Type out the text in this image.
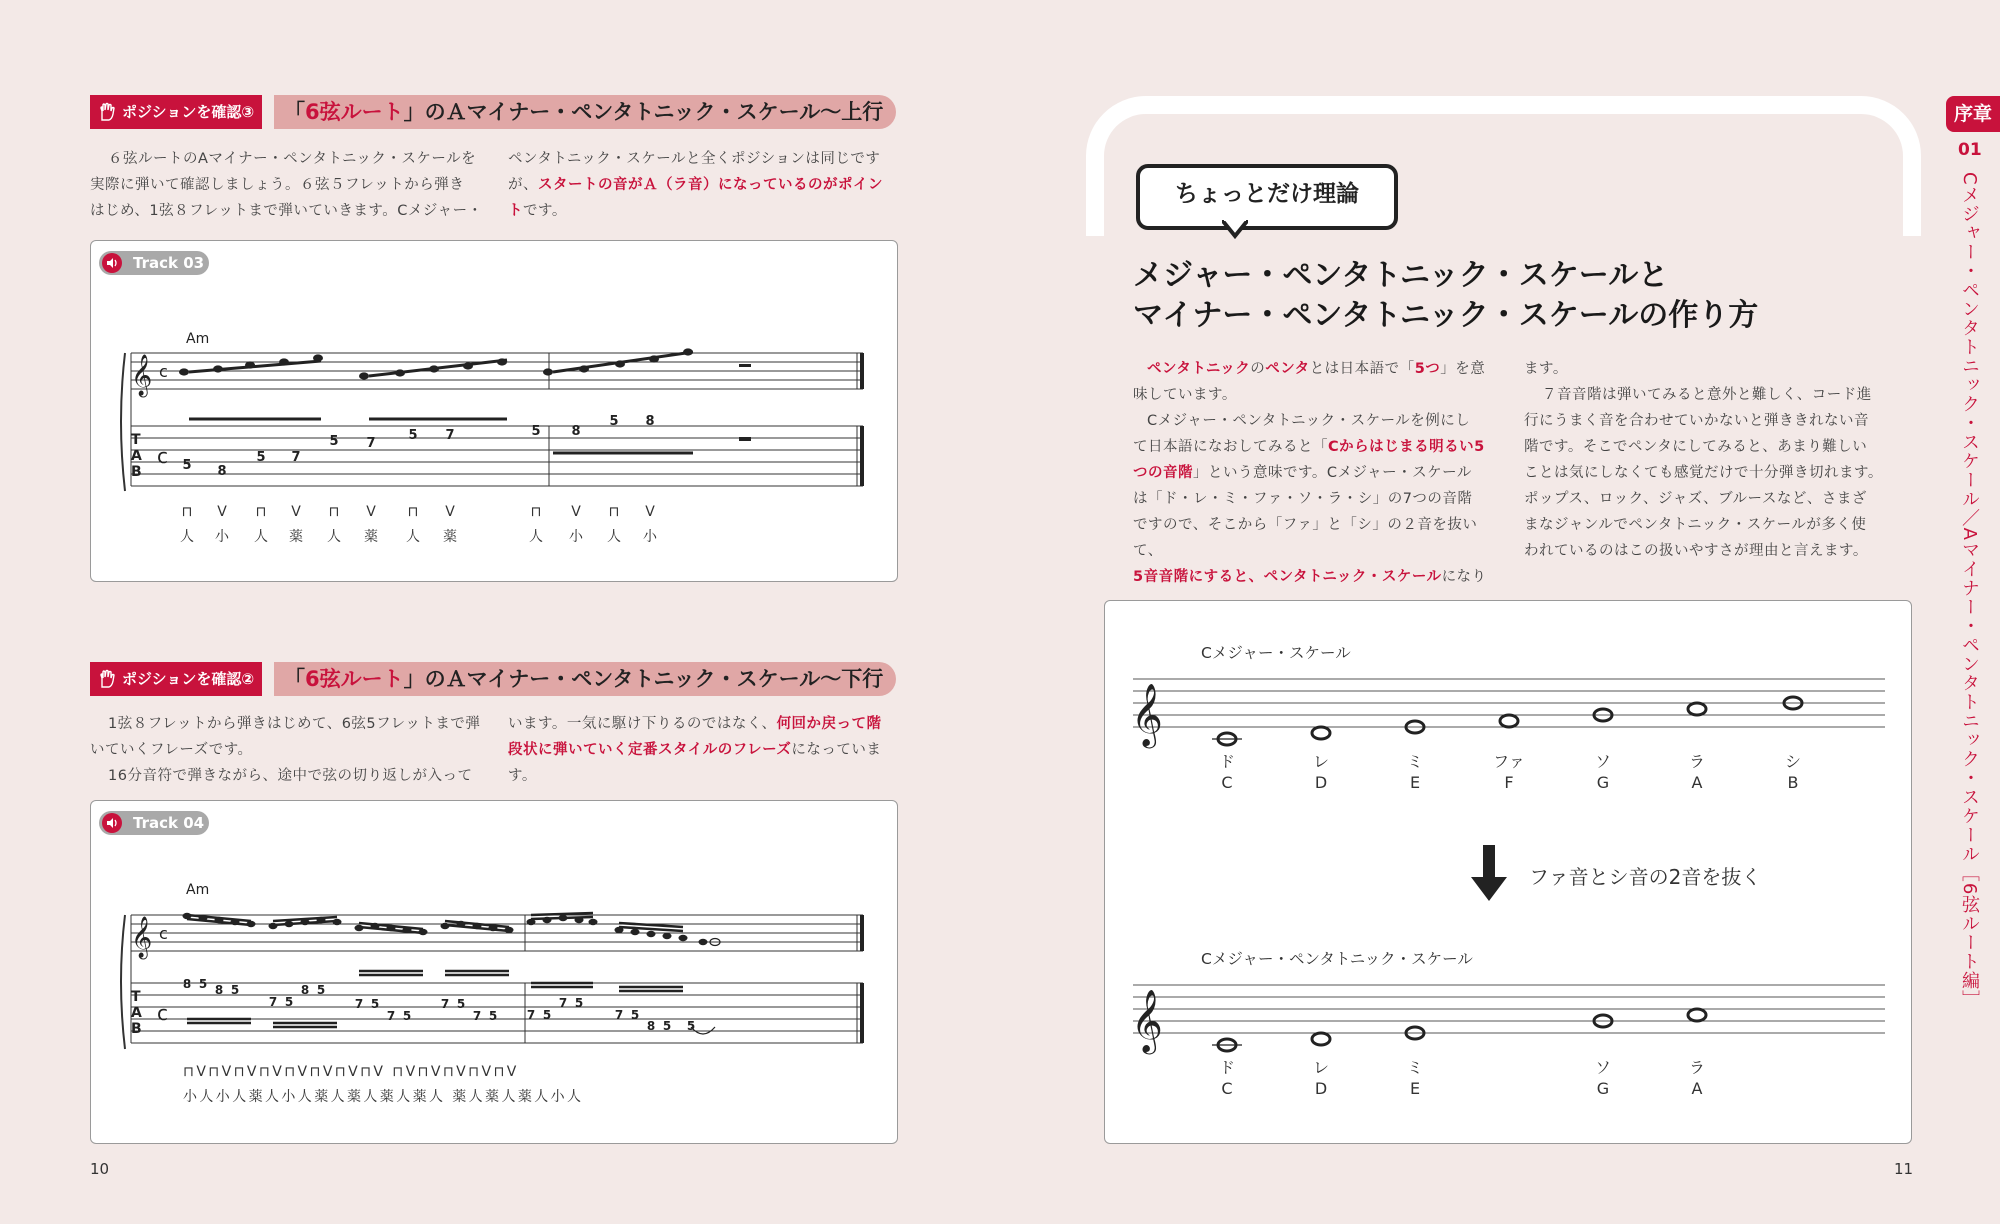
ポジションを確認③	「6弦ルート」のＡマイナー・ペンタトニック・スケール〜上行
６弦ルートのAマイナー・ペンタトニック・スケールを
実際に弾いて確認しましょう。６弦５フレットから弾き
はじめ、1弦８フレットまで弾いていきます。Cメジャー・
ペンタトニック・スケールと全くポジションは同じです
が、スタートの音がＡ（ラ音）になっているのがポイン
トです。
Track 03
Am
𝄞 c
T
A
B
c 5 8
5 7
5 7
5 7	5 8
5 8
⊓ V ⊓ V ⊓ V ⊓ V	⊓ V ⊓ V
人 小 人 薬 人 薬 人 薬	人 小 人 小
ポジションを確認②	「6弦ルート」のＡマイナー・ペンタトニック・スケール〜下行
1弦８フレットから弾きはじめて、6弦5フレットまで弾
いていくフレーズです。
16分音符で弾きながら、途中で弦の切り返しが入って
います。一気に駆け下りるのではなく、何回か戻って階
段状に弾いていく定番スタイルのフレーズになっていま
す。
Track 04
Am
𝄞 c
T
A
B
c
8 5 8 5
7 5
8 5
7 5
7 5
7 5
7 5 7 5
7 5
7 5
8 5 5
⊓V⊓V⊓V⊓V⊓V⊓V⊓V⊓V ⊓V⊓V⊓V⊓V⊓V
小人小人薬人小人薬人薬人薬人薬人 薬人薬人薬人小人
10
ちょっとだけ理論
メジャー・ペンタトニック・スケールと
マイナー・ペンタトニック・スケールの作り方
ペンタトニックのペンタとは日本語で「5つ」を意
味しています。
Cメジャー・ペンタトニック・スケールを例にし
て日本語になおしてみると「Cからはじまる明るい5
つの音階」という意味です。Cメジャー・スケール
は「ド・レ・ミ・ファ・ソ・ラ・シ」の7つの音階
ですので、そこから「ファ」と「シ」の２音を抜いて、
5音音階にすると、ペンタトニック・スケールになり
ます。
７音音階は弾いてみると意外と難しく、コード進
行にうまく音を合わせていかないと弾ききれない音
階です。そこでペンタにしてみると、あまり難しい
ことは気にしなくても感覚だけで十分弾き切れます。
ポップス、ロック、ジャズ、ブルースなど、さまざ
まなジャンルでペンタトニック・スケールが多く使
われているのはこの扱いやすさが理由と言えます。
Cメジャー・スケール
𝄞
𝄞
ド
C
レ
D
ミ
E
ファ
F
ソ
G
ラ
A
シ
B
ド
C
レ
D
ミ
E
ソ
G
ラ
A
ファ音とシ音の2音を抜く
Cメジャー・ペンタトニック・スケール
11
序章
01
Cメジャー・ペンタトニック・スケール／Aマイナー・ペンタトニック・スケール［6弦ルート編］
